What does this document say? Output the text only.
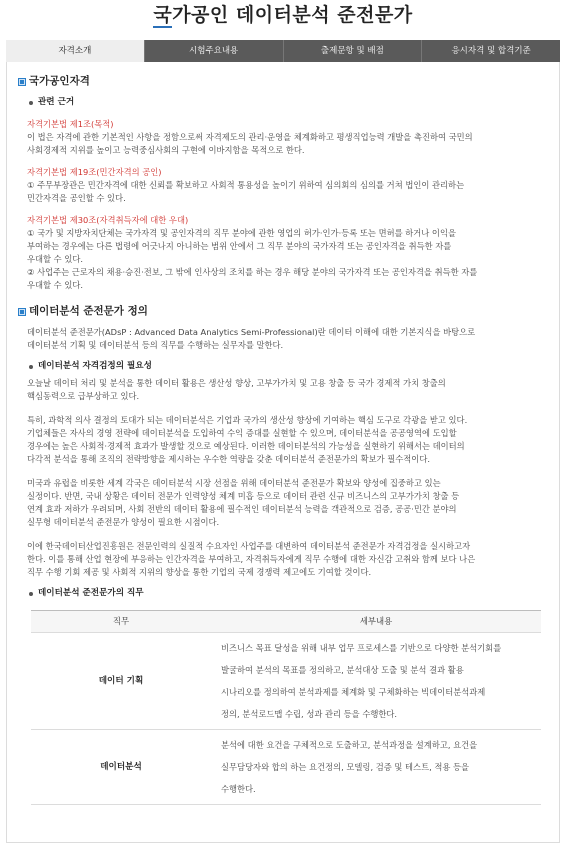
국가공인 데이터분석 준전문가
자격소개	시험주요내용	출제문항 및 배점	응시자격 및 합격기준
국가공인자격
관련 근거
자격기본법 제1조(목적)
이 법은 자격에 관한 기본적인 사항을 정함으로써 자격제도의 관리·운영을 체계화하고 평생직업능력 개발을 촉진하여 국민의
사회경제적 지위를 높이고 능력중심사회의 구현에 이바지함을 목적으로 한다.
자격기본법 제19조(민간자격의 공인)
① 주무부장관은 민간자격에 대한 신뢰를 확보하고 사회적 통용성을 높이기 위하여 심의회의 심의를 거쳐 법인이 관리하는
민간자격을 공인할 수 있다.
자격기본법 제30조(자격취득자에 대한 우대)
① 국가 및 지방자치단체는 국가자격 및 공인자격의 직무 분야에 관한 영업의 허가·인가·등록 또는 면허를 하거나 이익을
부여하는 경우에는 다른 법령에 어긋나지 아니하는 범위 안에서 그 직무 분야의 국가자격 또는 공인자격을 취득한 자를
우대할 수 있다.
② 사업주는 근로자의 채용·승진·전보, 그 밖에 인사상의 조치를 하는 경우 해당 분야의 국가자격 또는 공인자격을 취득한 자를
우대할 수 있다.
데이터분석 준전문가 정의
데이터분석 준전문가(ADsP : Advanced Data Analytics Semi-Professional)란 데이터 이해에 대한 기본지식을 바탕으로
데이터분석 기획 및 데이터분석 등의 직무를 수행하는 실무자를 말한다.
데이터분석 자격검정의 필요성
오늘날 데이터 처리 및 분석을 통한 데이터 활용은 생산성 향상, 고부가가치 및 고용 창출 등 국가 경제적 가치 창출의
핵심동력으로 급부상하고 있다.
특히, 과학적 의사 결정의 토대가 되는 데이터분석은 기업과 국가의 생산성 향상에 기여하는 핵심 도구로 각광을 받고 있다.
기업체들은 자사의 경영 전략에 데이터분석을 도입하여 수익 증대를 실현할 수 있으며, 데이터분석을 공공영역에 도입할
경우에는 높은 사회적·경제적 효과가 발생할 것으로 예상된다. 이러한 데이터분석의 가능성을 실현하기 위해서는 데이터의
다각적 분석을 통해 조직의 전략방향을 제시하는 우수한 역량을 갖춘 데이터분석 준전문가의 확보가 필수적이다.
미국과 유럽을 비롯한 세계 각국은 데이터분석 시장 선점을 위해 데이터분석 준전문가 확보와 양성에 집중하고 있는
실정이다. 반면, 국내 상황은 데이터 전문가 인력양성 체계 미흡 등으로 데이터 관련 신규 비즈니스의 고부가가치 창출 등
연계 효과 저하가 우려되며, 사회 전반의 데이터 활용에 필수적인 데이터분석 능력을 객관적으로 검증, 공공·민간 분야의
실무형 데이터분석 준전문가 양성이 필요한 시점이다.
이에 한국데이터산업진흥원은 전문인력의 실질적 수요자인 사업주를 대변하여 데이터분석 준전문가 자격검정을 실시하고자
한다. 이를 통해 산업 현장에 부응하는 인간자격을 부여하고, 자격취득자에게 직무 수행에 대한 자신감 고취와 함께 보다 나은
직무 수행 기회 제공 및 사회적 지위의 향상을 통한 기업의 국제 경쟁력 제고에도 기여할 것이다.
데이터분석 준전문가의 직무
직무	세부내용
데이터 기획	비즈니스 목표 달성을 위해 내부 업무 프로세스를 기반으로 다양한 분석기회를
발굴하여 분석의 목표를 정의하고, 분석대상 도출 및 분석 결과 활용
시나리오를 정의하여 분석과제를 체계화 및 구체화하는 빅데이터분석과제
정의, 분석로드맵 수립, 성과 관리 등을 수행한다.

데이터분석	분석에 대한 요건을 구체적으로 도출하고, 분석과정을 설계하고, 요건을
실무담당자와 합의 하는 요건정의, 모델링, 검증 및 테스트, 적용 등을
수행한다.
